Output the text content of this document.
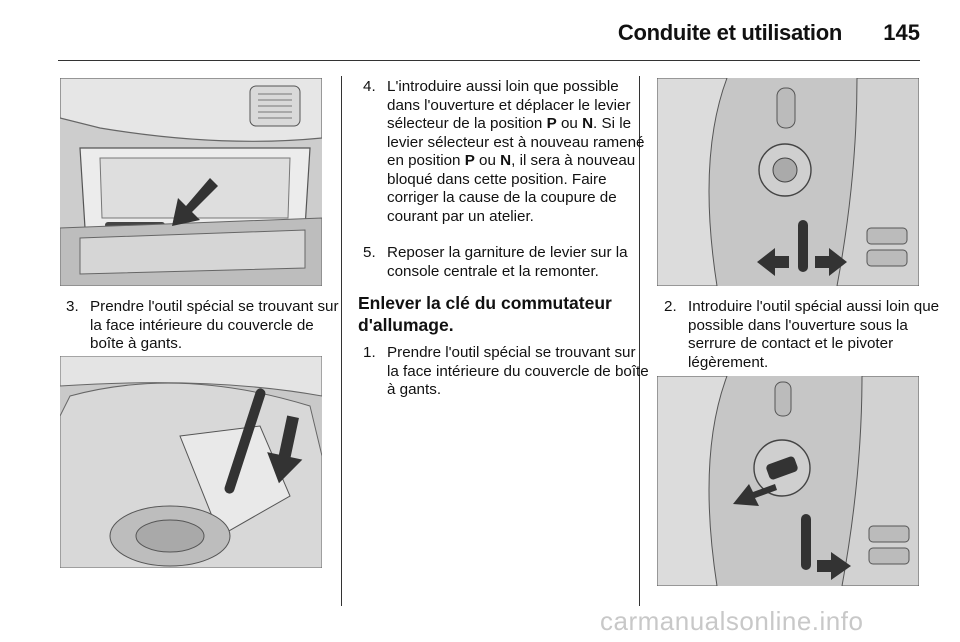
Conduite et utilisation 145
3. Prendre l'outil spécial se trouvant sur la face intérieure du couvercle de boîte à gants.
4. L'introduire aussi loin que possible dans l'ouverture et déplacer le levier sélecteur de la position P ou N. Si le levier sélecteur est à nouveau ramené en position P ou N, il sera à nouveau bloqué dans cette position. Faire corriger la cause de la coupure de courant par un atelier.
5. Reposer la garniture de levier sur la console centrale et la remonter.
Enlever la clé du commutateur d'allumage.
1. Prendre l'outil spécial se trouvant sur la face intérieure du couvercle de boîte à gants.
2. Introduire l'outil spécial aussi loin que possible dans l'ouverture sous la serrure de contact et le pivoter légèrement.
carmanualsonline.info
